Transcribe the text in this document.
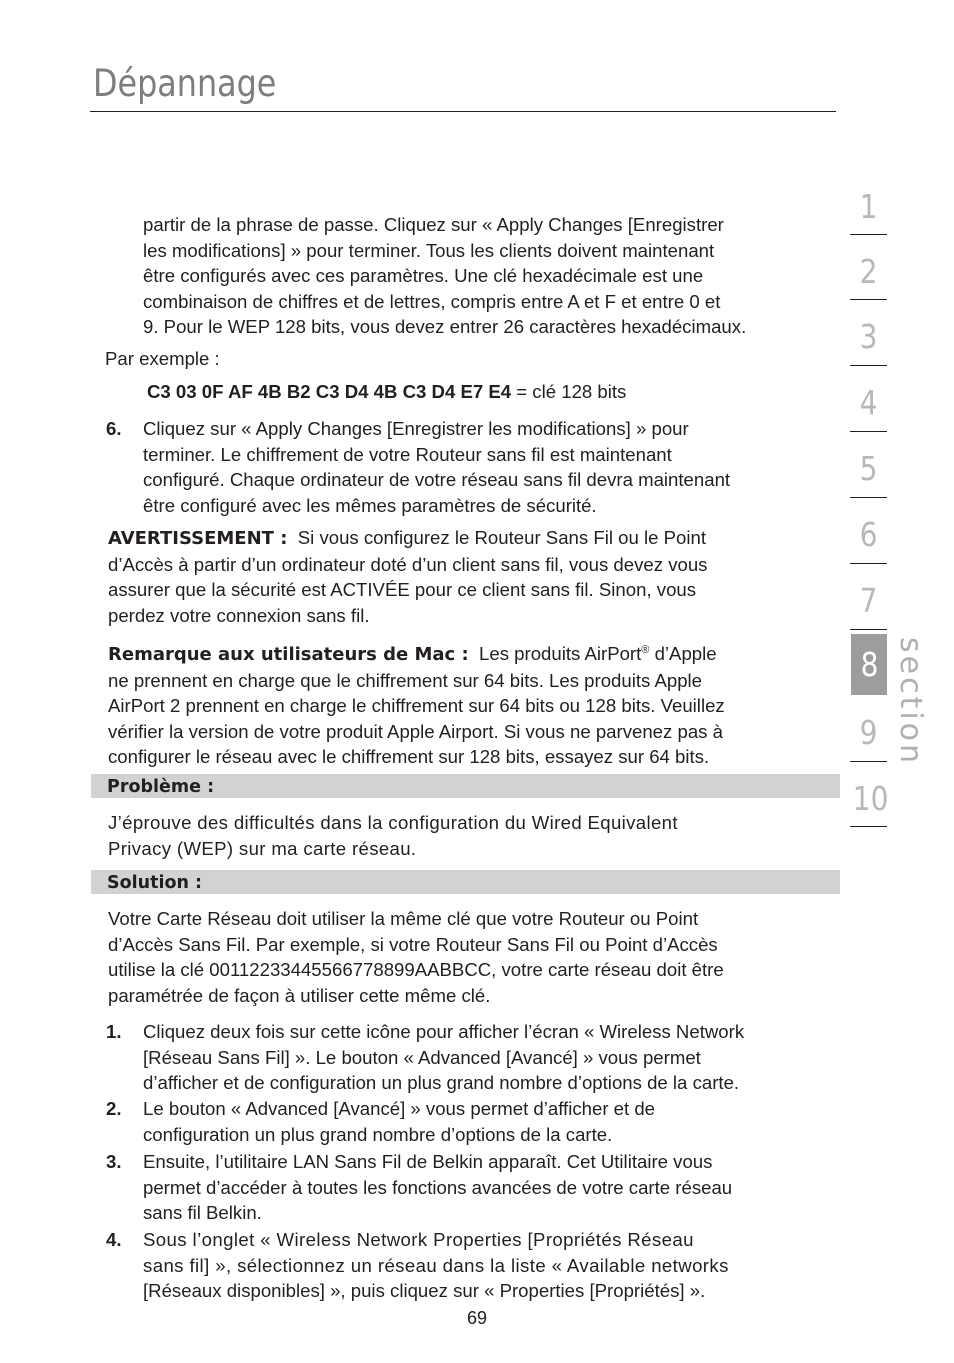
Dépannage
partir de la phrase de passe. Cliquez sur « Apply Changes [Enregistrer
les modifications] » pour terminer. Tous les clients doivent maintenant
être configurés avec ces paramètres. Une clé hexadécimale est une
combinaison de chiffres et de lettres, compris entre A et F et entre 0 et
9. Pour le WEP 128 bits, vous devez entrer 26 caractères hexadécimaux.
Par exemple :
C3 03 0F AF 4B B2 C3 D4 4B C3 D4 E7 E4 = clé 128 bits
6. Cliquez sur « Apply Changes [Enregistrer les modifications] » pour
terminer. Le chiffrement de votre Routeur sans fil est maintenant
configuré. Chaque ordinateur de votre réseau sans fil devra maintenant
être configuré avec les mêmes paramètres de sécurité.
AVERTISSEMENT : Si vous configurez le Routeur Sans Fil ou le Point
d’Accès à partir d’un ordinateur doté d’un client sans fil, vous devez vous
assurer que la sécurité est ACTIVÉE pour ce client sans fil. Sinon, vous
perdez votre connexion sans fil.
Remarque aux utilisateurs de Mac : Les produits AirPort® d’Apple
ne prennent en charge que le chiffrement sur 64 bits. Les produits Apple
AirPort 2 prennent en charge le chiffrement sur 64 bits ou 128 bits. Veuillez
vérifier la version de votre produit Apple Airport. Si vous ne parvenez pas à
configurer le réseau avec le chiffrement sur 128 bits, essayez sur 64 bits.
Problème :
J’éprouve des difficultés dans la configuration du Wired Equivalent
Privacy (WEP) sur ma carte réseau.
Solution :
Votre Carte Réseau doit utiliser la même clé que votre Routeur ou Point
d’Accès Sans Fil. Par exemple, si votre Routeur Sans Fil ou Point d’Accès
utilise la clé 00112233445566778899AABBCC, votre carte réseau doit être
paramétrée de façon à utiliser cette même clé.
1. Cliquez deux fois sur cette icône pour afficher l’écran « Wireless Network
[Réseau Sans Fil] ». Le bouton « Advanced [Avancé] » vous permet
d’afficher et de configuration un plus grand nombre d’options de la carte.
2. Le bouton « Advanced [Avancé] » vous permet d’afficher et de
configuration un plus grand nombre d’options de la carte.
3. Ensuite, l’utilitaire LAN Sans Fil de Belkin apparaît. Cet Utilitaire vous
permet d’accéder à toutes les fonctions avancées de votre carte réseau
sans fil Belkin.
4. Sous l’onglet « Wireless Network Properties [Propriétés Réseau
sans fil] », sélectionnez un réseau dans la liste « Available networks
[Réseaux disponibles] », puis cliquez sur « Properties [Propriétés] ».
1
2
3
4
5
6
7
8
9
10
section
69
